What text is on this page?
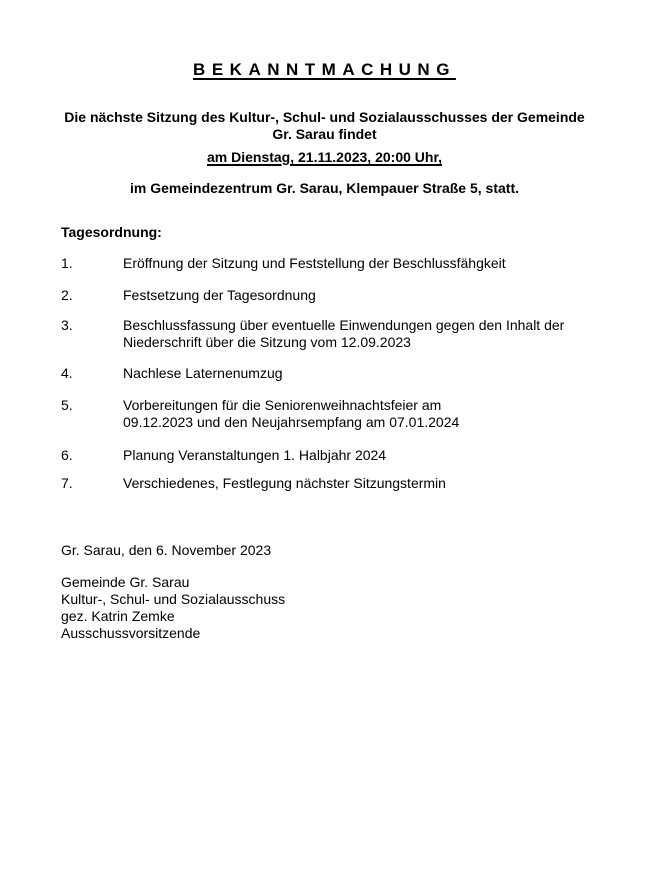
BEKANNTMACHUNG
Die nächste Sitzung des Kultur-, Schul- und Sozialausschusses der Gemeinde
Gr. Sarau findet
am Dienstag, 21.11.2023, 20:00 Uhr,
im Gemeindezentrum Gr. Sarau, Klempauer Straße 5, statt.
Tagesordnung:
1.	Eröffnung der Sitzung und Feststellung der Beschlussfähgkeit
2.	Festsetzung der Tagesordnung
3.	Beschlussfassung über eventuelle Einwendungen gegen den Inhalt der
Niederschrift über die Sitzung vom 12.09.2023
4.	Nachlese Laternenumzug
5.	Vorbereitungen für die Seniorenweihnachtsfeier am
09.12.2023 und den Neujahrsempfang am 07.01.2024
6.	Planung Veranstaltungen 1. Halbjahr 2024
7.	Verschiedenes, Festlegung nächster Sitzungstermin
Gr. Sarau, den 6. November 2023
Gemeinde Gr. Sarau
Kultur-, Schul- und Sozialausschuss
gez. Katrin Zemke
Ausschussvorsitzende
